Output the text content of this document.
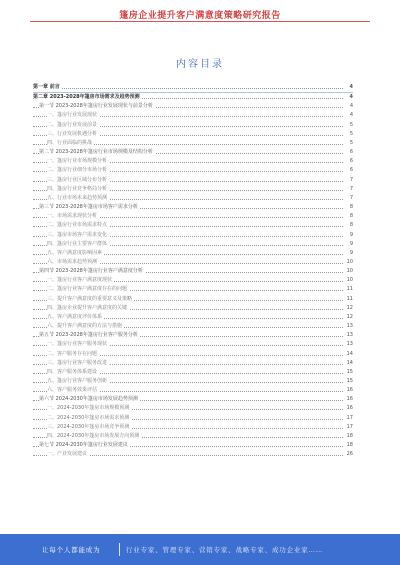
篷房企业提升客户满意度策略研究报告
内容目录
第一章 前言	4
第二章 2023-2028年篷房市场需求及趋势预测	4
第一节 2023-2028年篷房行业发展现状与前景分析	4
一、篷房行业发展现状	4
二、篷房行业发展前景	5
三、行业发展机遇分析	5
四、行业面临的挑战	5
第二节 2023-2028年篷房行业市场规模及结构分析	6
一、篷房行业市场规模分析	6
二、篷房行业细分市场分析	6
三、篷房行业区域分布分析	7
四、篷房行业竞争格局分析	7
五、行业市场未来趋势预测	7
第三节 2023-2028年篷房市场客户需求分析	8
一、市场需求现状分析	8
二、篷房行业市场需求特点	8
三、篷房市场客户需求变化	9
四、篷房行业主要客户群体	9
五、客户满意度影响因素	9
六、市场需求趋势预测	10
第四节 2023-2028年篷房行业客户满意度分析	10
一、篷房行业客户满意度现状	10
二、篷房行业客户满意度存在的问题	11
三、提升客户满意度的重要意义及策略	11
四、篷房企业提升客户满意度的关键	12
五、客户满意度评价体系	12
六、提升客户满意度的方法与措施	13
第五节 2023-2028年篷房行业客户服务分析	13
一、篷房行业客户服务现状	13
二、客户服务存在问题	14
三、篷房行业客户服务改进	14
四、客户服务体系建设	15
五、篷房行业客户服务创新	15
六、客户服务效果评估	16
第六节 2024-2030年篷房市场发展趋势预测	16
一、2024-2030年篷房市场规模预测	16
二、2024-2030年篷房市场需求预测	17
三、2024-2030年篷房市场竞争预测	17
四、2024-2030年篷房市场发展方向预测	18
第七节 2024-2030年篷房行业发展建议	18
一、产业发展建议	26
让每个人都能成为	行业专家、管理专家、营销专家、战略专家、成功企业家……
